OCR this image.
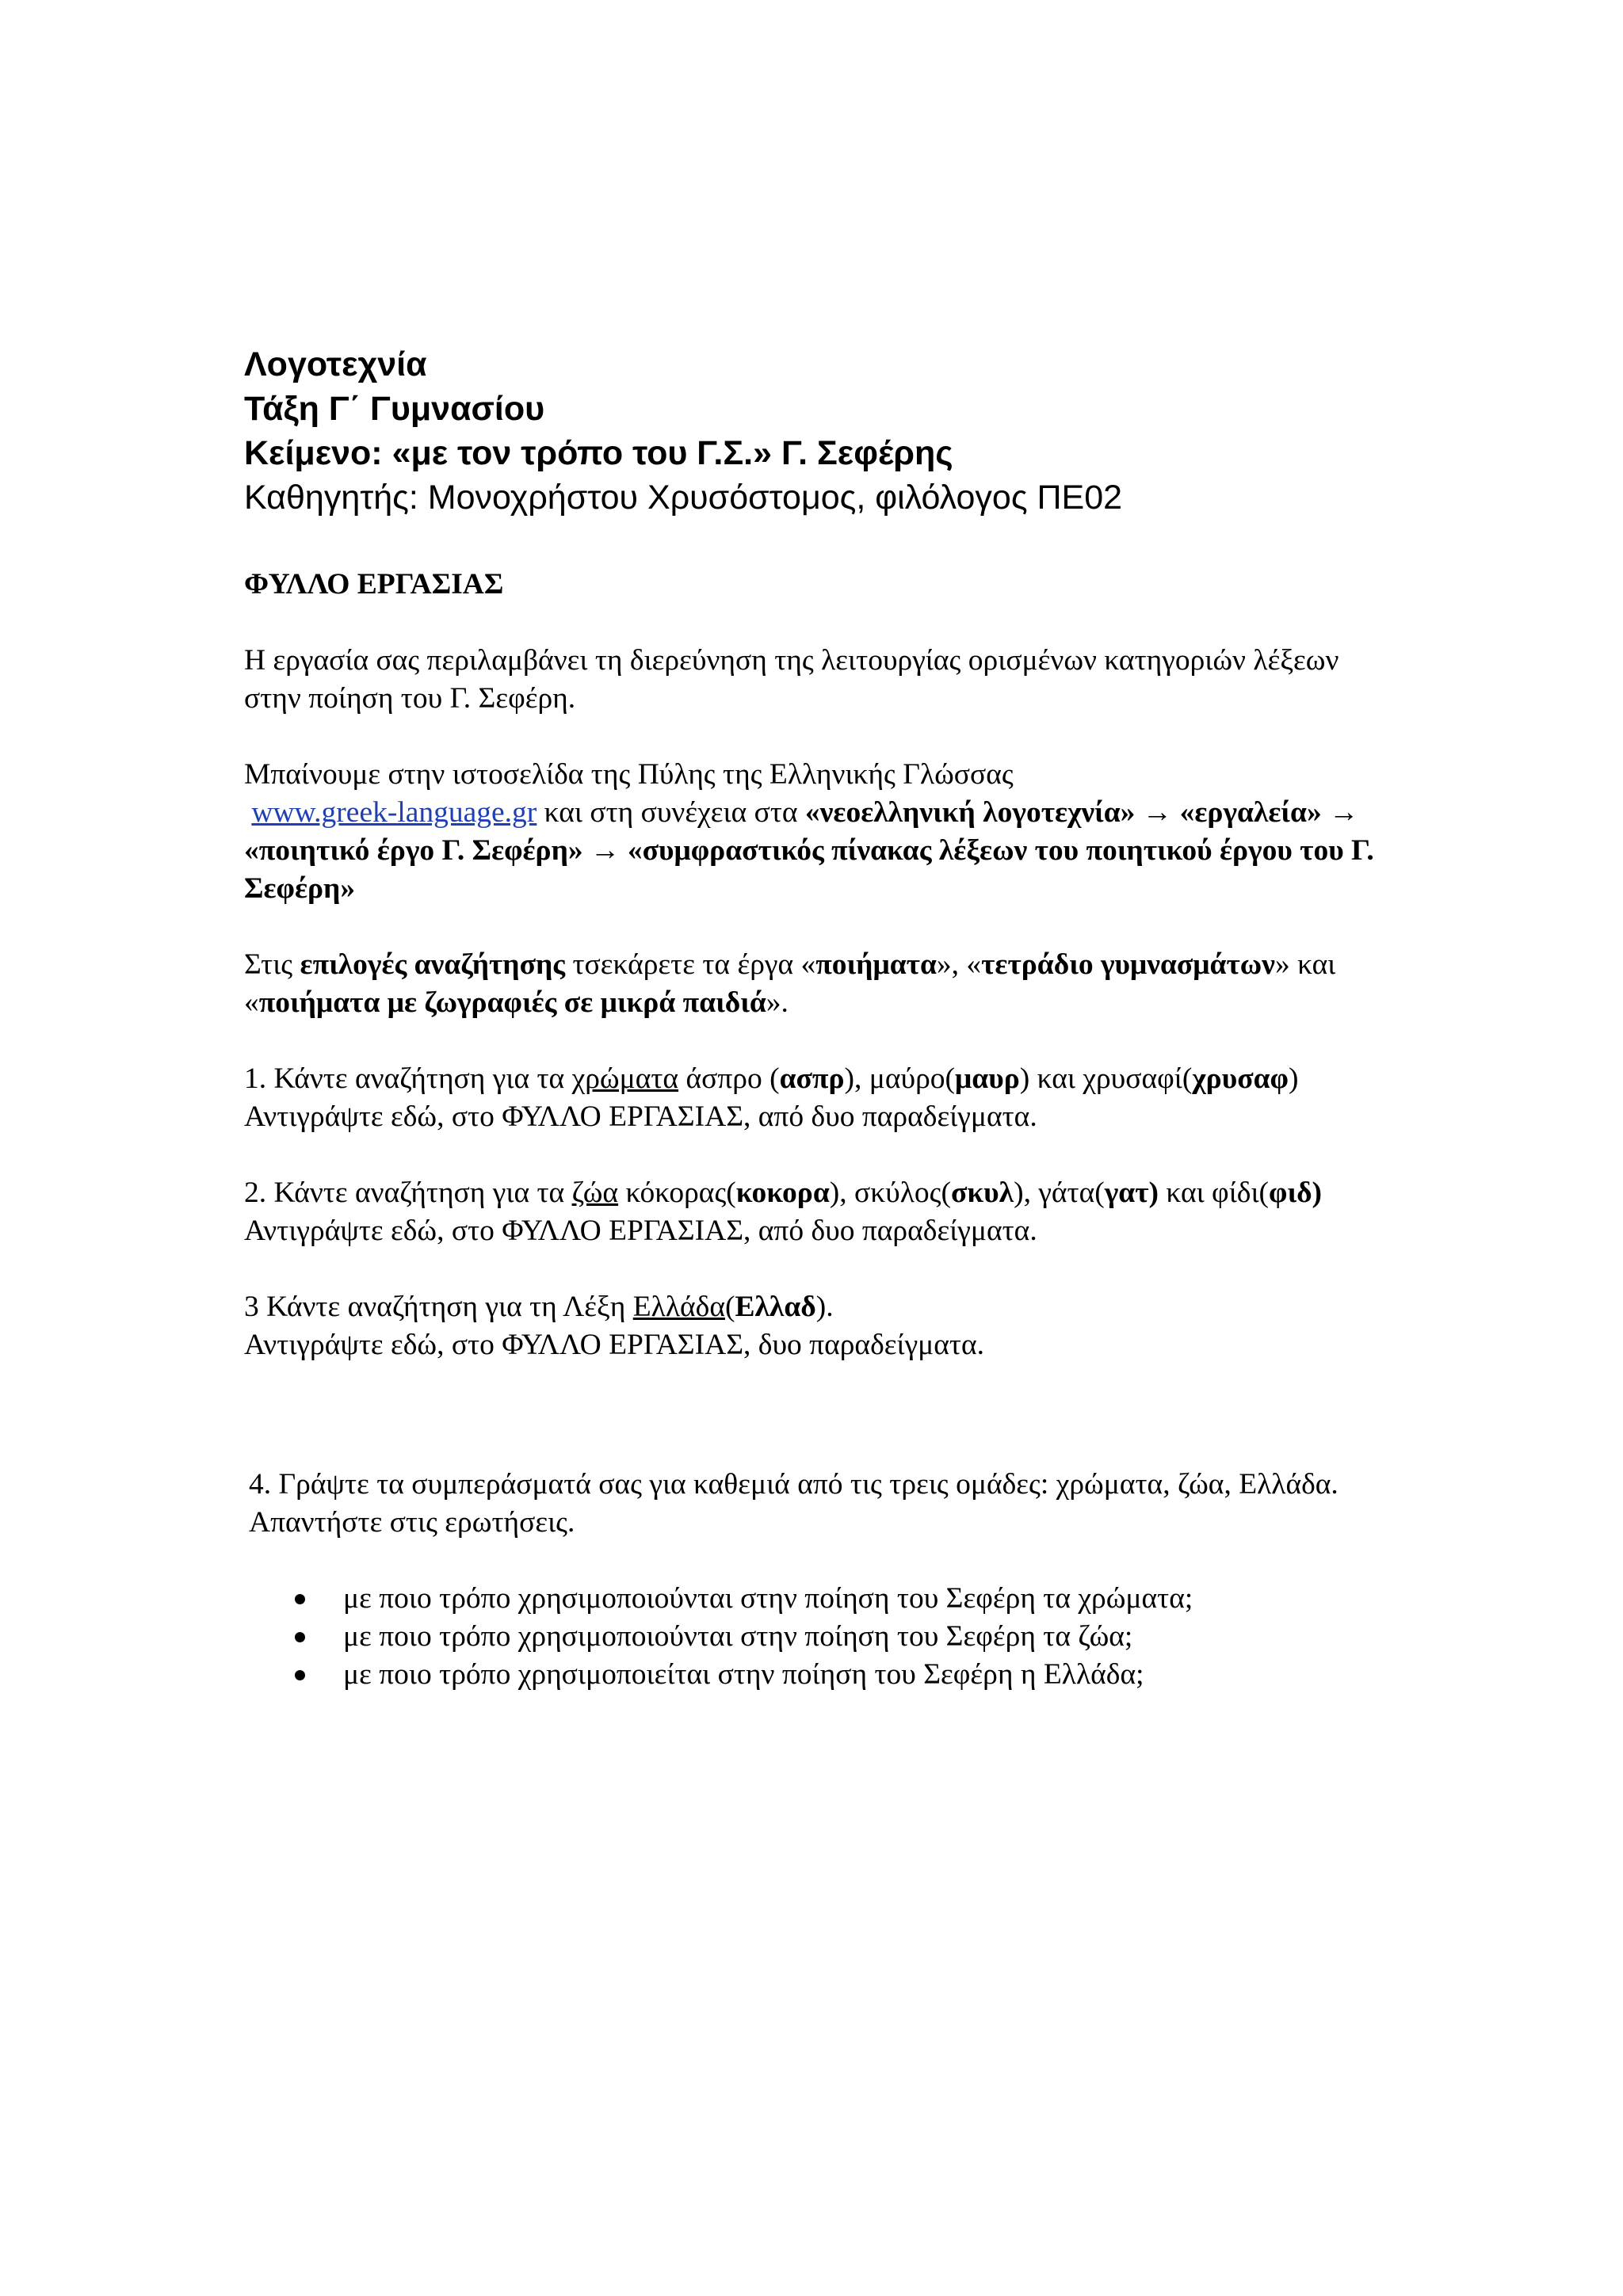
Λογοτεχνία
Τάξη Γ΄ Γυμνασίου
Κείμενο: «με τον τρόπο του Γ.Σ.» Γ. Σεφέρης
Καθηγητής: Μονοχρήστου Χρυσόστομος, φιλόλογος ΠΕ02

ΦΥΛΛΟ ΕΡΓΑΣΙΑΣ

Η εργασία σας περιλαμβάνει τη διερεύνηση της λειτουργίας ορισμένων κατηγοριών λέξεων στην ποίηση του Γ. Σεφέρη.

Μπαίνουμε στην ιστοσελίδα της Πύλης της Ελληνικής Γλώσσας
www.greek-language.gr και στη συνέχεια στα «νεοελληνική λογοτεχνία» → «εργαλεία» → «ποιητικό έργο Γ. Σεφέρη» → «συμφραστικός πίνακας λέξεων του ποιητικού έργου του Γ. Σεφέρη»

Στις επιλογές αναζήτησης τσεκάρετε τα έργα «ποιήματα», «τετράδιο γυμνασμάτων» και «ποιήματα με ζωγραφιές σε μικρά παιδιά».

1. Κάντε αναζήτηση για τα χρώματα άσπρο (ασπρ), μαύρο(μαυρ) και χρυσαφί(χρυσαφ)
Αντιγράψτε εδώ, στο ΦΥΛΛΟ ΕΡΓΑΣΙΑΣ, από δυο παραδείγματα.

2. Κάντε αναζήτηση για τα ζώα κόκορας(κοκορα), σκύλος(σκυλ), γάτα(γατ) και φίδι(φιδ)
Αντιγράψτε εδώ, στο ΦΥΛΛΟ ΕΡΓΑΣΙΑΣ, από δυο παραδείγματα.

3 Κάντε αναζήτηση για τη Λέξη Ελλάδα(Ελλαδ).
Αντιγράψτε εδώ, στο ΦΥΛΛΟ ΕΡΓΑΣΙΑΣ, δυο παραδείγματα.

4. Γράψτε τα συμπεράσματά σας για καθεμιά από τις τρεις ομάδες: χρώματα, ζώα, Ελλάδα. Απαντήστε στις ερωτήσεις.

με ποιο τρόπο χρησιμοποιούνται στην ποίηση του Σεφέρη τα χρώματα;
με ποιο τρόπο χρησιμοποιούνται στην ποίηση του Σεφέρη τα ζώα;
με ποιο τρόπο χρησιμοποιείται στην ποίηση του Σεφέρη η Ελλάδα;
